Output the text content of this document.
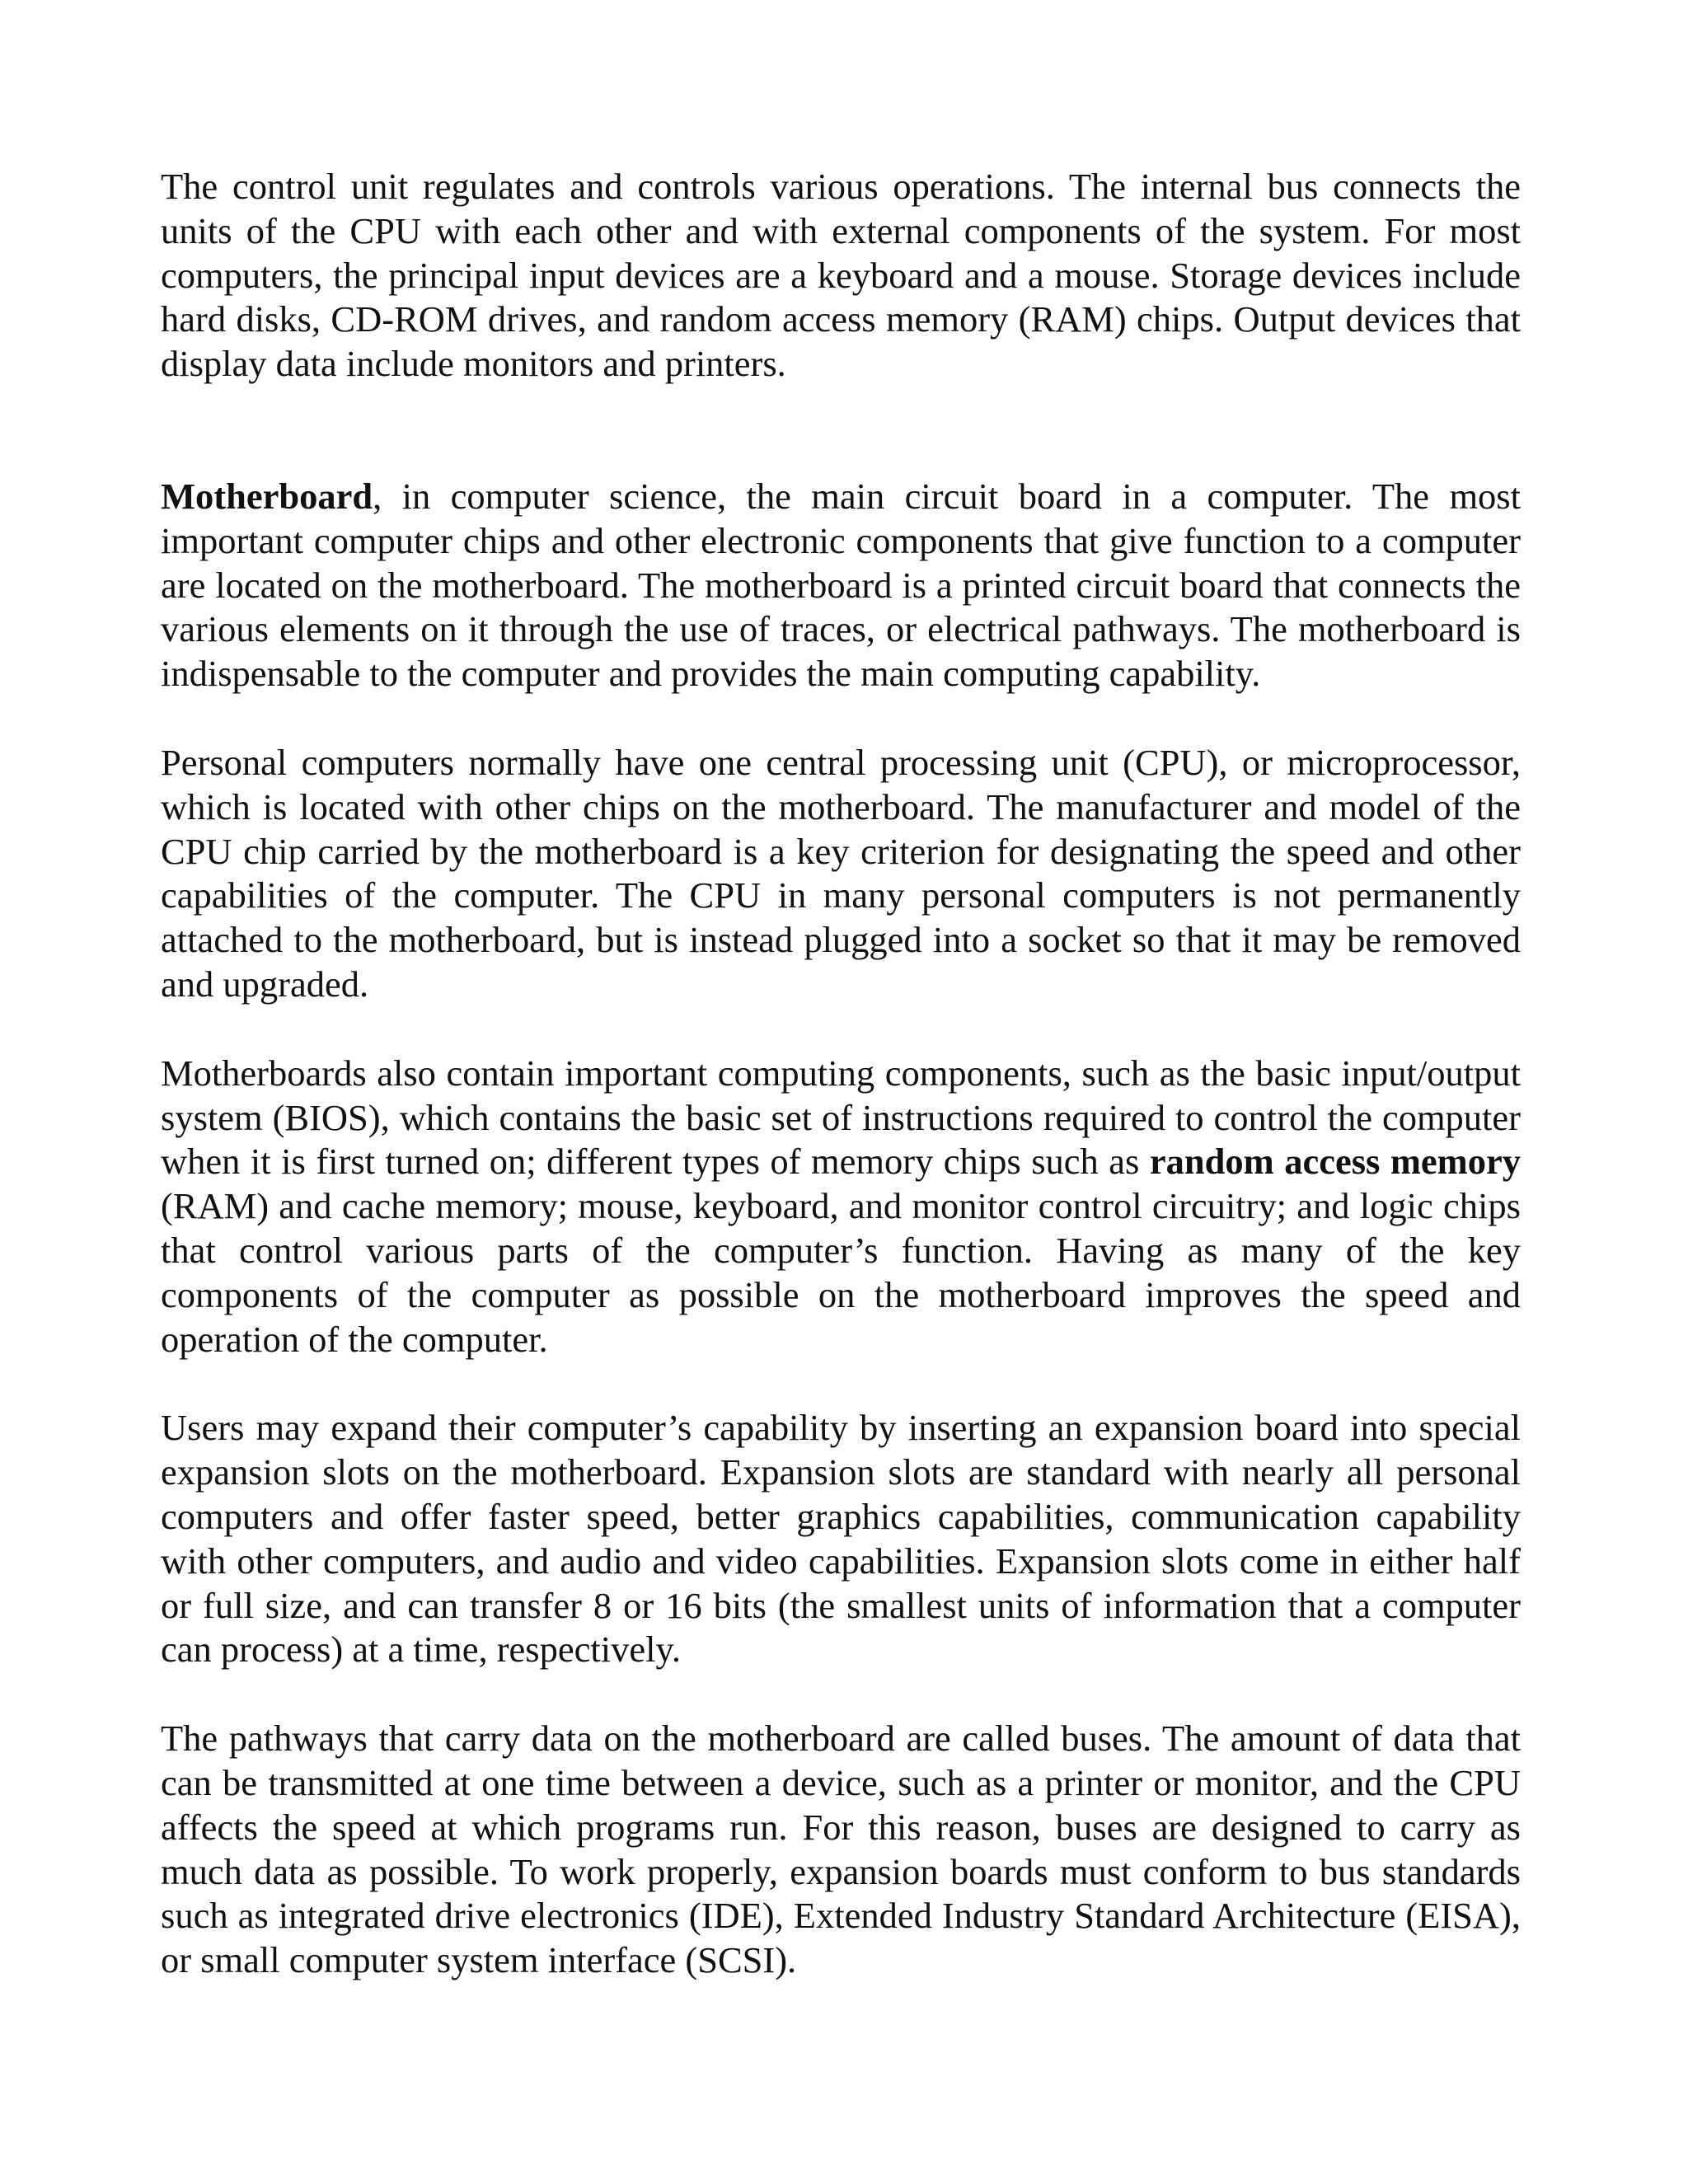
The control unit regulates and controls various operations. The internal bus connects the units of the CPU with each other and with external components of the system. For most computers, the principal input devices are a keyboard and a mouse. Storage devices include hard disks, CD-ROM drives, and random access memory (RAM) chips. Output devices that display data include monitors and printers.

Motherboard, in computer science, the main circuit board in a computer. The most important computer chips and other electronic components that give function to a computer are located on the motherboard. The motherboard is a printed circuit board that connects the various elements on it through the use of traces, or electrical pathways. The motherboard is indispensable to the computer and provides the main computing capability.

Personal computers normally have one central processing unit (CPU), or microprocessor, which is located with other chips on the motherboard. The manufacturer and model of the CPU chip carried by the motherboard is a key criterion for designating the speed and other capabilities of the computer. The CPU in many personal computers is not permanently attached to the motherboard, but is instead plugged into a socket so that it may be removed and upgraded.

Motherboards also contain important computing components, such as the basic input/output system (BIOS), which contains the basic set of instructions required to control the computer when it is first turned on; different types of memory chips such as random access memory (RAM) and cache memory; mouse, keyboard, and monitor control circuitry; and logic chips that control various parts of the computer’s function. Having as many of the key components of the computer as possible on the motherboard improves the speed and operation of the computer.

Users may expand their computer’s capability by inserting an expansion board into special expansion slots on the motherboard. Expansion slots are standard with nearly all personal computers and offer faster speed, better graphics capabilities, communication capability with other computers, and audio and video capabilities. Expansion slots come in either half or full size, and can transfer 8 or 16 bits (the smallest units of information that a computer can process) at a time, respectively.

The pathways that carry data on the motherboard are called buses. The amount of data that can be transmitted at one time between a device, such as a printer or monitor, and the CPU affects the speed at which programs run. For this reason, buses are designed to carry as much data as possible. To work properly, expansion boards must conform to bus standards such as integrated drive electronics (IDE), Extended Industry Standard Architecture (EISA), or small computer system interface (SCSI).
